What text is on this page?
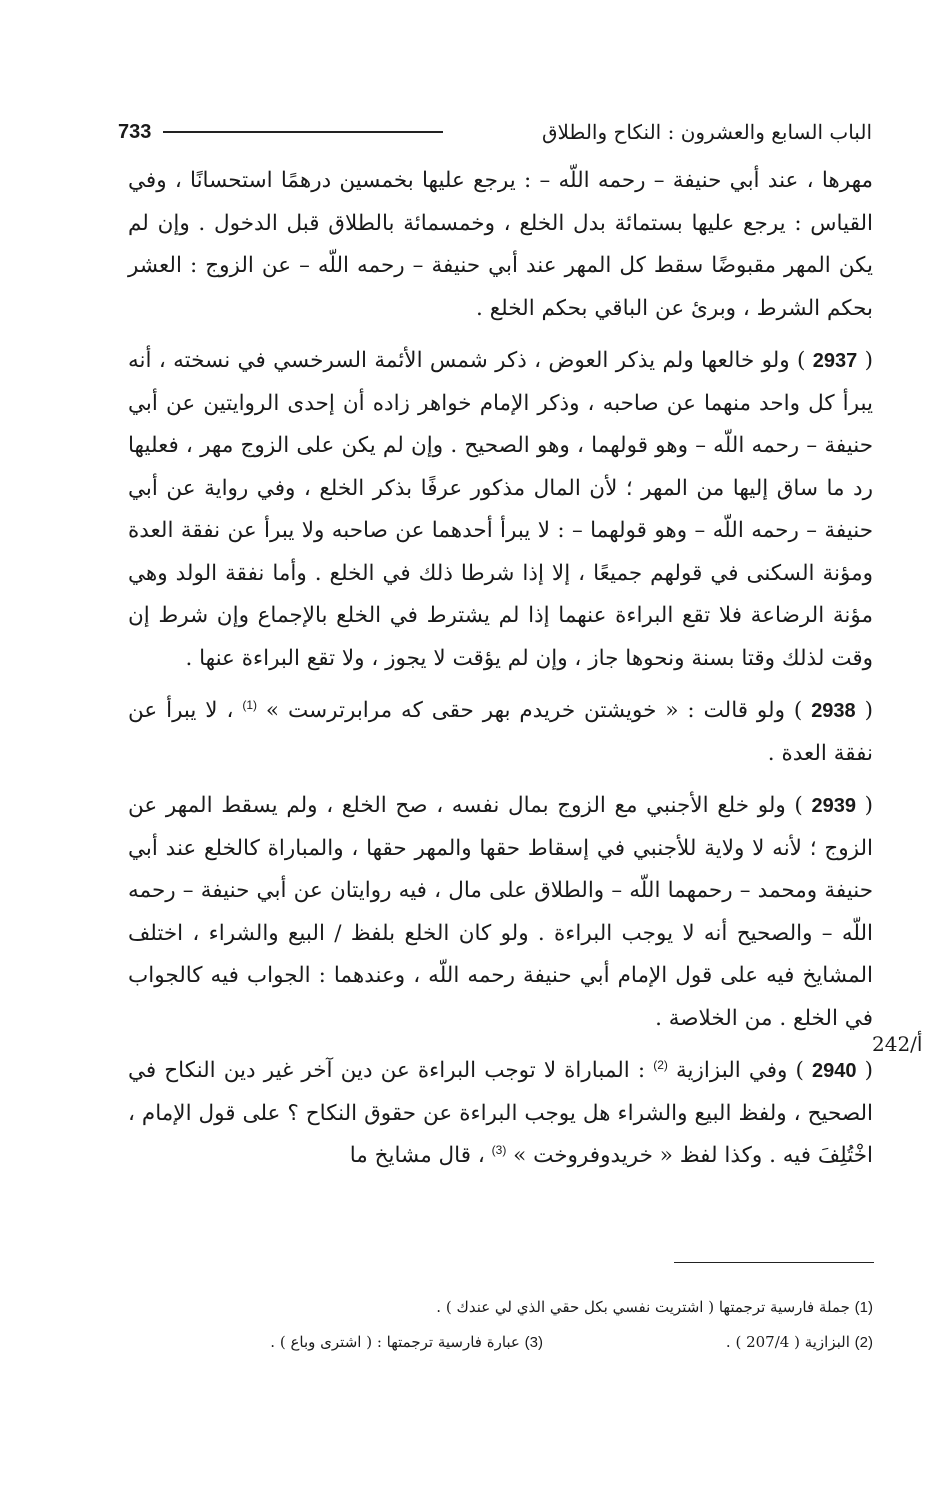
733	الباب السابع والعشرون : النكاح والطلاق

مهرها ، عند أبي حنيفة – رحمه اللّه – : يرجع عليها بخمسين درهمًا استحسانًا ، وفي القياس : يرجع عليها بستمائة بدل الخلع ، وخمسمائة بالطلاق قبل الدخول . وإن لم يكن المهر مقبوضًا سقط كل المهر عند أبي حنيفة – رحمه اللّه – عن الزوج : العشر بحكم الشرط ، وبرئ عن الباقي بحكم الخلع .

( 2937 ) ولو خالعها ولم يذكر العوض ، ذكر شمس الأئمة السرخسي في نسخته ، أنه يبرأ كل واحد منهما عن صاحبه ، وذكر الإمام خواهر زاده أن إحدى الروايتين عن أبي حنيفة – رحمه اللّه – وهو قولهما ، وهو الصحيح . وإن لم يكن على الزوج مهر ، فعليها رد ما ساق إليها من المهر ؛ لأن المال مذكور عرفًا بذكر الخلع ، وفي رواية عن أبي حنيفة – رحمه اللّه – وهو قولهما – : لا يبرأ أحدهما عن صاحبه ولا يبرأ عن نفقة العدة ومؤنة السكنى في قولهم جميعًا ، إلا إذا شرطا ذلك في الخلع . وأما نفقة الولد وهي مؤنة الرضاعة فلا تقع البراءة عنهما إذا لم يشترط في الخلع بالإجماع وإن شرط إن وقت لذلك وقتا بسنة ونحوها جاز ، وإن لم يؤقت لا يجوز ، ولا تقع البراءة عنها .

( 2938 ) ولو قالت : « خويشتن خريدم بهر حقى كه مرابرترست » $^{(1)}$ ، لا يبرأ عن نفقة العدة .

( 2939 ) ولو خلع الأجنبي مع الزوج بمال نفسه ، صح الخلع ، ولم يسقط المهر عن الزوج ؛ لأنه لا ولاية للأجنبي في إسقاط حقها والمهر حقها ، والمباراة كالخلع عند أبي حنيفة ومحمد – رحمهما اللّه – والطلاق على مال ، فيه روايتان عن أبي حنيفة – رحمه اللّه – والصحيح أنه لا يوجب البراءة . ولو كان الخلع بلفظ / البيع والشراء ، اختلف المشايخ فيه على قول الإمام أبي حنيفة رحمه اللّه ، وعندهما : الجواب فيه كالجواب في الخلع . من الخلاصة .

( 2940 ) وفي البزازية $^{(2)}$ : المباراة لا توجب البراءة عن دين آخر غير دين النكاح في الصحيح ، ولفظ البيع والشراء هل يوجب البراءة عن حقوق النكاح ؟ على قول الإمام ، اخْتُلِفَ فيه . وكذا لفظ « خريدوفروخت » $^{(3)}$ ، قال مشايخ ما

242/أ
(1) جملة فارسية ترجمتها ( اشتريت نفسي بكل حقي الذي لي عندك ) .
(2) البزازية ( 207/4 ) .
(3) عبارة فارسية ترجمتها : ( اشترى وباع ) .
